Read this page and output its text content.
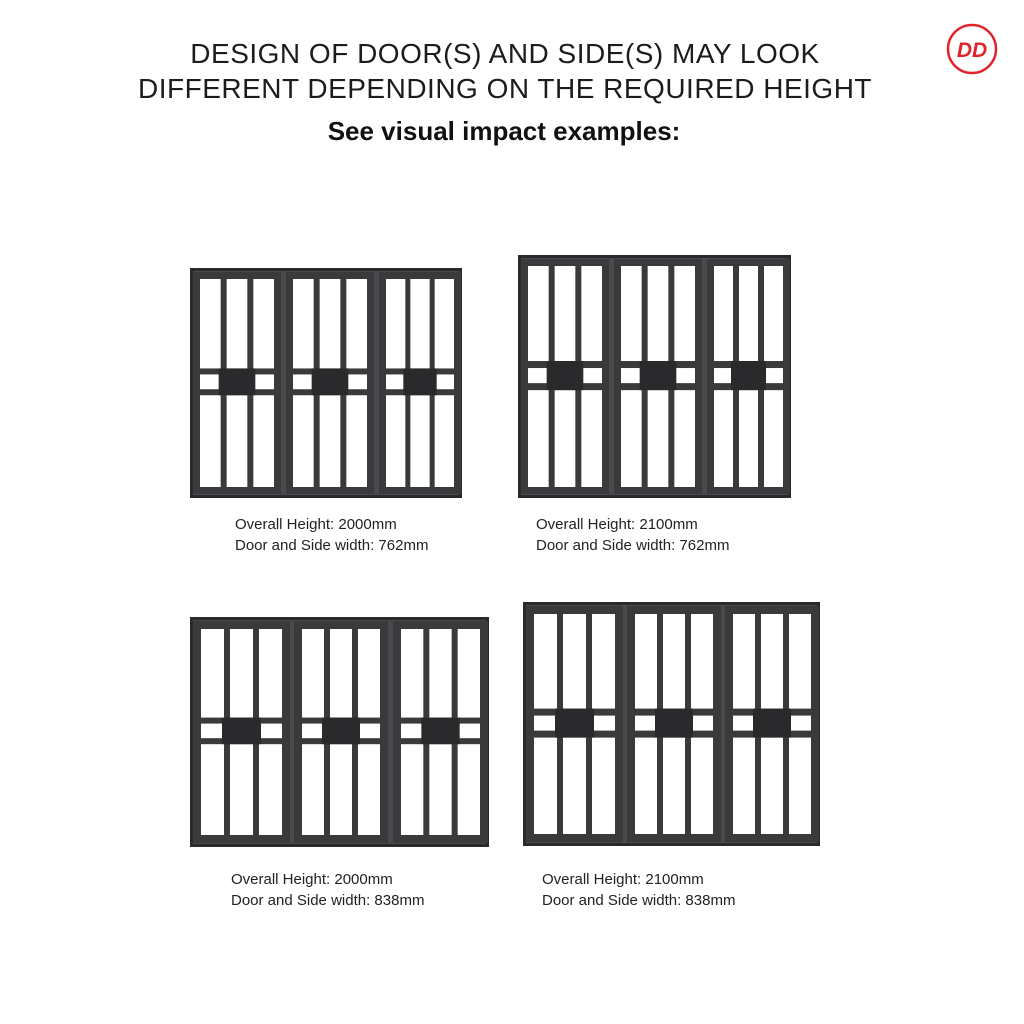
DESIGN OF DOOR(S) AND SIDE(S) MAY LOOK
DIFFERENT DEPENDING ON THE REQUIRED HEIGHT
See visual impact examples:
DD
Overall Height: 2000mm
Door and Side width: 762mm
Overall Height: 2100mm
Door and Side width: 762mm
Overall Height: 2000mm
Door and Side width: 838mm
Overall Height: 2100mm
Door and Side width: 838mm
